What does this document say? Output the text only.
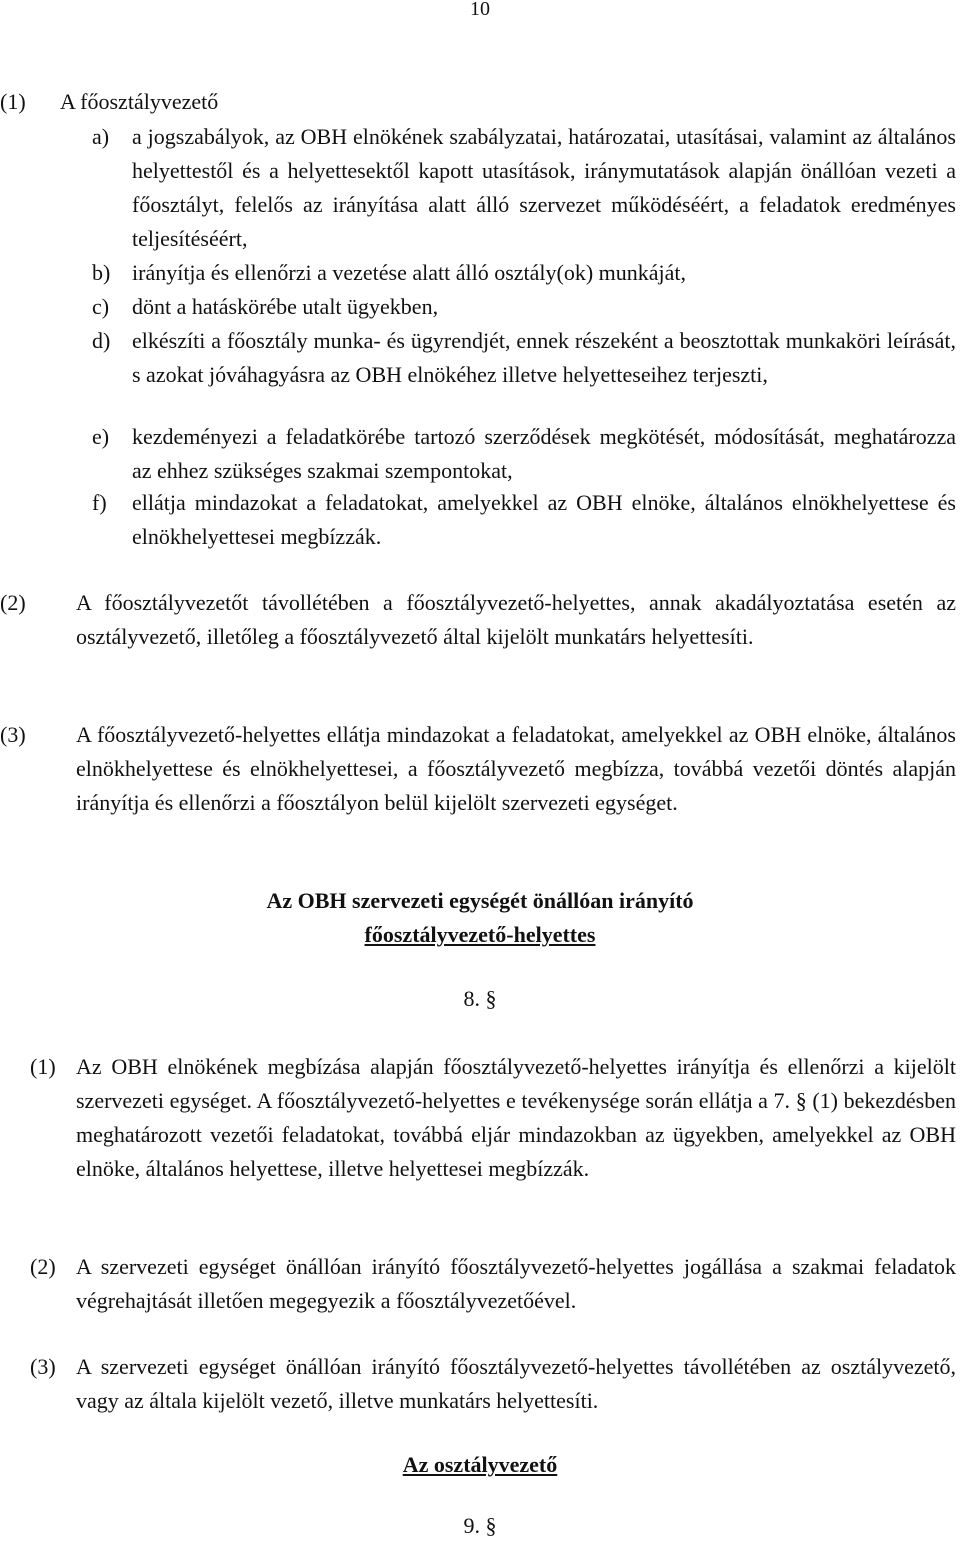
10
(1) A főosztályvezető
a) a jogszabályok, az OBH elnökének szabályzatai, határozatai, utasításai, valamint az általános helyettestől és a helyettesektől kapott utasítások, iránymutatások alapján önállóan vezeti a főosztályt, felelős az irányítása alatt álló szervezet működéséért, a feladatok eredményes teljesítéséért,
b) irányítja és ellenőrzi a vezetése alatt álló osztály(ok) munkáját,
c) dönt a hatáskörébe utalt ügyekben,
d) elkészíti a főosztály munka- és ügyrendjét, ennek részeként a beosztottak munkaköri leírását, s azokat jóváhagyásra az OBH elnökéhez illetve helyetteseihez terjeszti,
e) kezdeményezi a feladatkörébe tartozó szerződések megkötését, módosítását, meghatározza az ehhez szükséges szakmai szempontokat,
f) ellátja mindazokat a feladatokat, amelyekkel az OBH elnöke, általános elnökhelyettese és elnökhelyettesei megbízzák.
(2) A főosztályvezetőt távollétében a főosztályvezető-helyettes, annak akadályoztatása esetén az osztályvezető, illetőleg a főosztályvezető által kijelölt munkatárs helyettesíti.
(3) A főosztályvezető-helyettes ellátja mindazokat a feladatokat, amelyekkel az OBH elnöke, általános elnökhelyettese és elnökhelyettesei, a főosztályvezető megbízza, továbbá vezetői döntés alapján irányítja és ellenőrzi a főosztályon belül kijelölt szervezeti egységet.
Az OBH szervezeti egységét önállóan irányító
főosztályvezető-helyettes
8. §
(1) Az OBH elnökének megbízása alapján főosztályvezető-helyettes irányítja és ellenőrzi a kijelölt szervezeti egységet. A főosztályvezető-helyettes e tevékenysége során ellátja a 7. § (1) bekezdésben meghatározott vezetői feladatokat, továbbá eljár mindazokban az ügyekben, amelyekkel az OBH elnöke, általános helyettese, illetve helyettesei megbízzák.
(2) A szervezeti egységet önállóan irányító főosztályvezető-helyettes jogállása a szakmai feladatok végrehajtását illetően megegyezik a főosztályvezetőével.
(3) A szervezeti egységet önállóan irányító főosztályvezető-helyettes távollétében az osztályvezető, vagy az általa kijelölt vezető, illetve munkatárs helyettesíti.
Az osztályvezető
9. §
